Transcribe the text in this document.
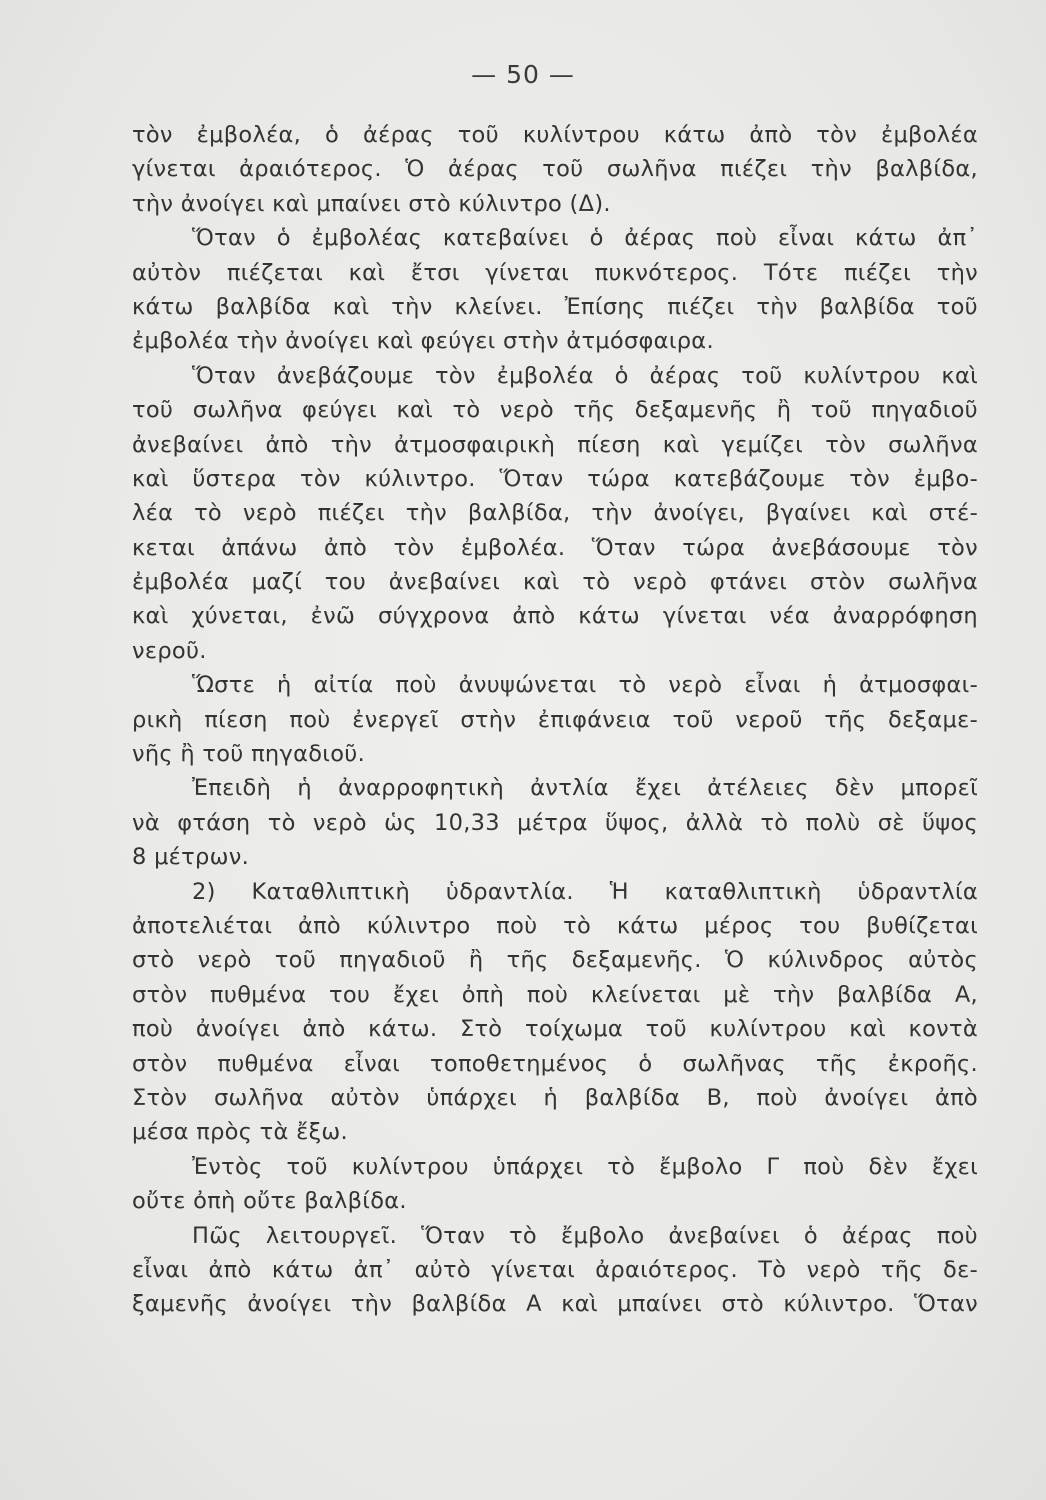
— 50 —
τὸν ἐμβολέα, ὁ ἀέρας τοῦ κυλίντρου κάτω ἀπὸ τὸν ἐμβολέα
γίνεται ἀραιότερος. Ὁ ἀέρας τοῦ σωλῆνα πιέζει τὴν βαλβίδα,
τὴν ἀνοίγει καὶ μπαίνει στὸ κύλιντρο (Δ).
Ὅταν ὁ ἐμβολέας κατεβαίνει ὁ ἀέρας ποὺ εἶναι κάτω ἀπ᾿
αὐτὸν πιέζεται καὶ ἔτσι γίνεται πυκνότερος. Τότε πιέζει τὴν
κάτω βαλβίδα καὶ τὴν κλείνει. Ἐπίσης πιέζει τὴν βαλβίδα τοῦ
ἐμβολέα τὴν ἀνοίγει καὶ φεύγει στὴν ἀτμόσφαιρα.
Ὅταν ἀνεβάζουμε τὸν ἐμβολέα ὁ ἀέρας τοῦ κυλίντρου καὶ
τοῦ σωλῆνα φεύγει καὶ τὸ νερὸ τῆς δεξαμενῆς ἢ τοῦ πηγαδιοῦ
ἀνεβαίνει ἀπὸ τὴν ἀτμοσφαιρικὴ πίεση καὶ γεμίζει τὸν σωλῆνα
καὶ ὕστερα τὸν κύλιντρο. Ὅταν τώρα κατεβάζουμε τὸν ἐμβο-
λέα τὸ νερὸ πιέζει τὴν βαλβίδα, τὴν ἀνοίγει, βγαίνει καὶ στέ-
κεται ἀπάνω ἀπὸ τὸν ἐμβολέα. Ὅταν τώρα ἀνεβάσουμε τὸν
ἐμβολέα μαζί του ἀνεβαίνει καὶ τὸ νερὸ φτάνει στὸν σωλῆνα
καὶ χύνεται, ἐνῶ σύγχρονα ἀπὸ κάτω γίνεται νέα ἀναρρόφηση
νεροῦ.
Ὥστε ἡ αἰτία ποὺ ἀνυψώνεται τὸ νερὸ εἶναι ἡ ἀτμοσφαι-
ρικὴ πίεση ποὺ ἐνεργεῖ στὴν ἐπιφάνεια τοῦ νεροῦ τῆς δεξαμε-
νῆς ἢ τοῦ πηγαδιοῦ.
Ἐπειδὴ ἡ ἀναρροφητικὴ ἀντλία ἔχει ἀτέλειες δὲν μπορεῖ
νὰ φτάση τὸ νερὸ ὡς 10,33 μέτρα ὕψος, ἀλλὰ τὸ πολὺ σὲ ὕψος
8 μέτρων.
2) Καταθλιπτικὴ ὑδραντλία. Ἡ καταθλιπτικὴ ὑδραντλία
ἀποτελιέται ἀπὸ κύλιντρο ποὺ τὸ κάτω μέρος του βυθίζεται
στὸ νερὸ τοῦ πηγαδιοῦ ἢ τῆς δεξαμενῆς. Ὁ κύλινδρος αὐτὸς
στὸν πυθμένα του ἔχει ὀπὴ ποὺ κλείνεται μὲ τὴν βαλβίδα Α,
ποὺ ἀνοίγει ἀπὸ κάτω. Στὸ τοίχωμα τοῦ κυλίντρου καὶ κοντὰ
στὸν πυθμένα εἶναι τοποθετημένος ὁ σωλῆνας τῆς ἐκροῆς.
Στὸν σωλῆνα αὐτὸν ὑπάρχει ἡ βαλβίδα Β, ποὺ ἀνοίγει ἀπὸ
μέσα πρὸς τὰ ἔξω.
Ἐντὸς τοῦ κυλίντρου ὑπάρχει τὸ ἔμβολο Γ ποὺ δὲν ἔχει
οὔτε ὀπὴ οὔτε βαλβίδα.
Πῶς λειτουργεῖ. Ὅταν τὸ ἔμβολο ἀνεβαίνει ὁ ἀέρας ποὺ
εἶναι ἀπὸ κάτω ἀπ᾿ αὐτὸ γίνεται ἀραιότερος. Τὸ νερὸ τῆς δε-
ξαμενῆς ἀνοίγει τὴν βαλβίδα Α καὶ μπαίνει στὸ κύλιντρο. Ὅταν
